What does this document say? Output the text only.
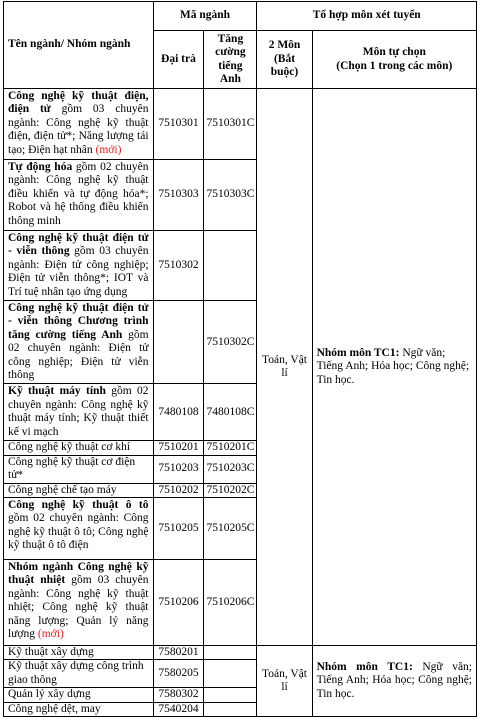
Tên ngành/ Nhóm ngành	Mã ngành		Tổ hợp môn xét tuyển	
	Đại trà	Tăng cường tiếng Anh	2 Môn (Bắt buộc)	Môn tự chọn
(Chọn 1 trong các môn)

Công nghệ kỹ thuật điện, điện tử gồm 03 chuyên ngành: Công nghệ kỹ thuật điện, điện tử*; Năng lượng tái tạo; Điện hạt nhân (mới)	7510301	7510301C	Toán, Vật lí	Nhóm môn TC1: Ngữ văn; Tiếng Anh; Hóa học; Công nghệ; Tin học.
Tự động hóa gồm 02 chuyên ngành: Công nghệ kỹ thuật điều khiển và tự động hóa*; Robot và hệ thống điều khiển thông minh	7510303	7510303C		
Công nghệ kỹ thuật điện tử - viễn thông gồm 03 chuyên ngành: Điện tử công nghiệp; Điện tử viễn thông*; IOT và Trí tuệ nhân tạo ứng dụng	7510302			
Công nghệ kỹ thuật điện tử - viễn thông Chương trình tăng cường tiếng Anh gồm 02 chuyên ngành: Điện tử công nghiệp; Điện tử viễn thông		7510302C		
Kỹ thuật máy tính gồm 02 chuyên ngành: Công nghệ kỹ thuật máy tính; Kỹ thuật thiết kế vi mạch	7480108	7480108C		
Công nghệ kỹ thuật cơ khí	7510201	7510201C		
Công nghệ kỹ thuật cơ điện tử*	7510203	7510203C		
Công nghệ chế tạo máy	7510202	7510202C		
Công nghệ kỹ thuật ô tô gồm 02 chuyên ngành: Công nghệ kỹ thuật ô tô; Công nghệ kỹ thuật ô tô điện	7510205	7510205C		
Nhóm ngành Công nghệ kỹ thuật nhiệt gồm 03 chuyên ngành: Công nghệ kỹ thuật nhiệt; Công nghệ kỹ thuật năng lượng; Quản lý năng lượng (mới)	7510206	7510206C		
Kỹ thuật xây dựng	7580201		Toán, Vật lí	Nhóm môn TC1: Ngữ văn; Tiếng Anh; Hóa học; Công nghệ; Tin học.
Kỹ thuật xây dựng công trình giao thông	7580205			
Quản lý xây dựng	7580302			
Công nghệ dệt, may	7540204			
